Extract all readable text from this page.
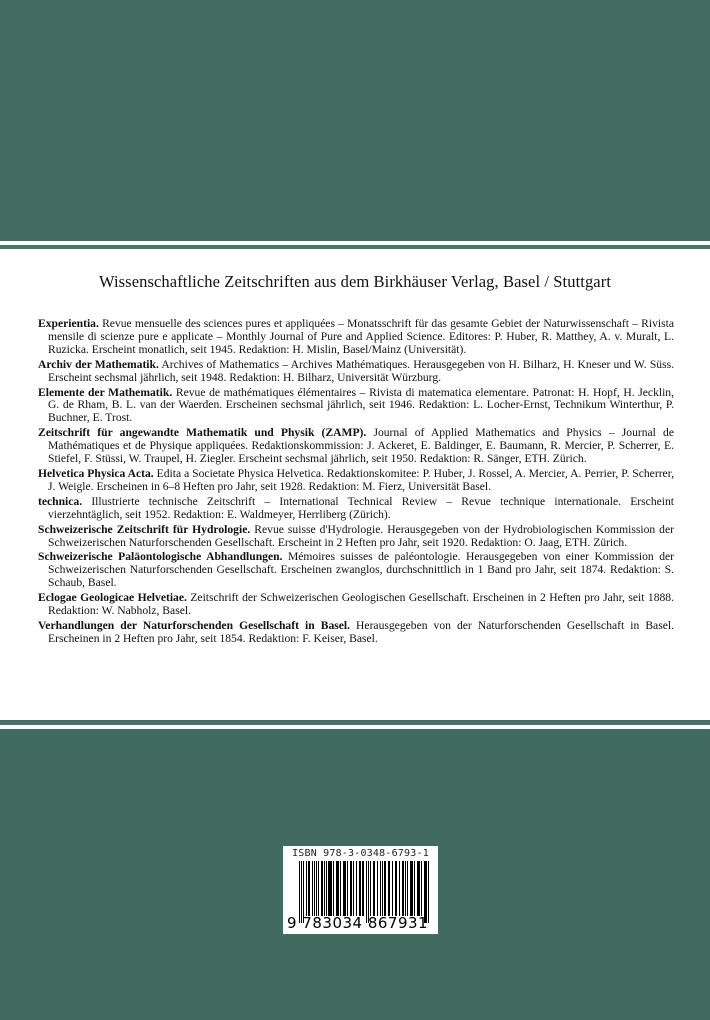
Wissenschaftliche Zeitschriften aus dem Birkhäuser Verlag, Basel / Stuttgart
Experientia. Revue mensuelle des sciences pures et appliquées – Monatsschrift für das gesamte Gebiet der Naturwissenschaft – Rivista mensile di scienze pure e applicate – Monthly Journal of Pure and Applied Science. Editores: P. Huber, R. Matthey, A. v. Muralt, L. Ruzicka. Erscheint monatlich, seit 1945. Redaktion: H. Mislin, Basel/Mainz (Universität).
Archiv der Mathematik. Archives of Mathematics – Archives Mathématiques. Herausgegeben von H. Bilharz, H. Kneser und W. Süss. Erscheint sechsmal jährlich, seit 1948. Redaktion: H. Bilharz, Universität Würzburg.
Elemente der Mathematik. Revue de mathématiques élémentaires – Rivista di matematica elementare. Patronat: H. Hopf, H. Jecklin, G. de Rham, B. L. van der Waerden. Erscheinen sechsmal jährlich, seit 1946. Redaktion: L. Locher-Ernst, Technikum Winterthur, P. Buchner, E. Trost.
Zeitschrift für angewandte Mathematik und Physik (ZAMP). Journal of Applied Mathematics and Physics – Journal de Mathématiques et de Physique appliquées. Redaktionskommission: J. Ackeret, E. Baldinger, E. Baumann, R. Mercier, P. Scherrer, E. Stiefel, F. Stüssi, W. Traupel, H. Ziegler. Erscheint sechsmal jährlich, seit 1950. Redaktion: R. Sänger, ETH. Zürich.
Helvetica Physica Acta. Edita a Societate Physica Helvetica. Redaktionskomitee: P. Huber, J. Rossel, A. Mercier, A. Perrier, P. Scherrer, J. Weigle. Erscheinen in 6–8 Heften pro Jahr, seit 1928. Redaktion: M. Fierz, Universität Basel.
technica. Illustrierte technische Zeitschrift – International Technical Review – Revue technique internationale. Erscheint vierzehntäglich, seit 1952. Redaktion: E. Waldmeyer, Herrliberg (Zürich).
Schweizerische Zeitschrift für Hydrologie. Revue suisse d'Hydrologie. Herausgegeben von der Hydrobiologischen Kommission der Schweizerischen Naturforschenden Gesellschaft. Erscheint in 2 Heften pro Jahr, seit 1920. Redaktion: O. Jaag, ETH. Zürich.
Schweizerische Paläontologische Abhandlungen. Mémoires suisses de paléontologie. Herausgegeben von einer Kommission der Schweizerischen Naturforschenden Gesellschaft. Erscheinen zwanglos, durchschnittlich in 1 Band pro Jahr, seit 1874. Redaktion: S. Schaub, Basel.
Eclogae Geologicae Helvetiae. Zeitschrift der Schweizerischen Geologischen Gesellschaft. Erscheinen in 2 Heften pro Jahr, seit 1888. Redaktion: W. Nabholz, Basel.
Verhandlungen der Naturforschenden Gesellschaft in Basel. Herausgegeben von der Naturforschenden Gesellschaft in Basel. Erscheinen in 2 Heften pro Jahr, seit 1854. Redaktion: F. Keiser, Basel.
ISBN 978-3-0348-6793-1
9 783034 867931
